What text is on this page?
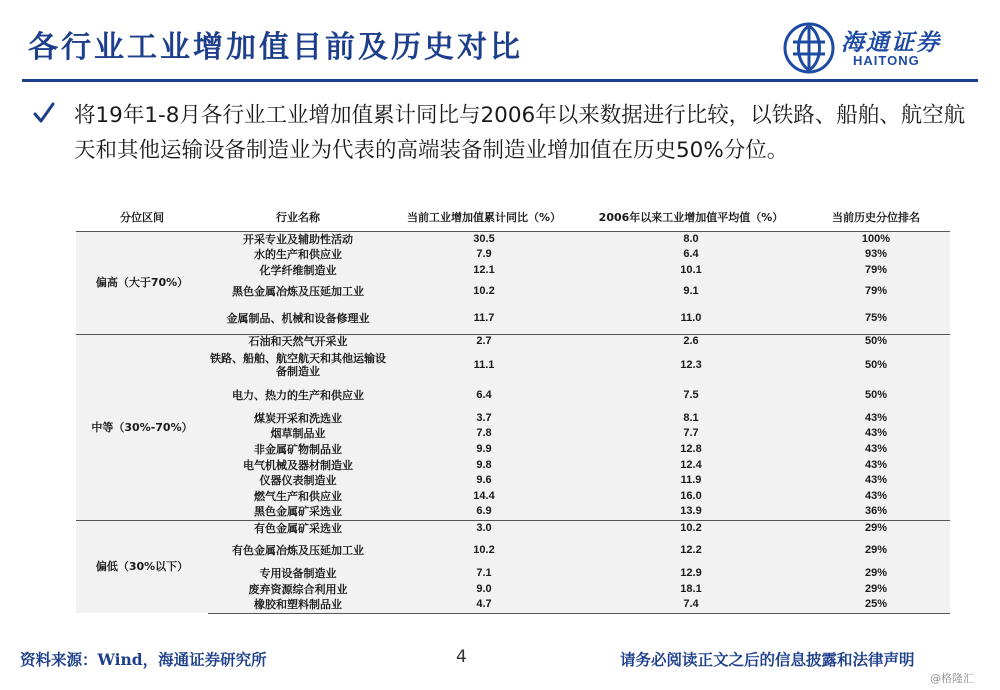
各行业工业增加值目前及历史对比	海通证券
HAITONG
将19年1-8月各行业工业增加值累计同比与2006年以来数据进行比较，以铁路、船舶、航空航天和其他运输设备制造业为代表的高端装备制造业增加值在历史50%分位。
分位区间	行业名称	当前工业增加值累计同比（%）	2006年以来工业增加值平均值（%）	当前历史分位排名
偏高（大于70%）	开采专业及辅助性活动	30.5	8.0	100%
	水的生产和供应业	7.9	6.4	93%
	化学纤维制造业	12.1	10.1	79%
	黑色金属冶炼及压延加工业	10.2	9.1	79%
	金属制品、机械和设备修理业	11.7	11.0	75%
中等（30%-70%）	石油和天然气开采业	2.7	2.6	50%
	铁路、船舶、航空航天和其他运输设备制造业	11.1	12.3	50%
	电力、热力的生产和供应业	6.4	7.5	50%
	煤炭开采和洗选业	3.7	8.1	43%
	烟草制品业	7.8	7.7	43%
	非金属矿物制品业	9.9	12.8	43%
	电气机械及器材制造业	9.8	12.4	43%
	仪器仪表制造业	9.6	11.9	43%
	燃气生产和供应业	14.4	16.0	43%
	黑色金属矿采选业	6.9	13.9	36%
偏低（30%以下）	有色金属矿采选业	3.0	10.2	29%
	有色金属冶炼及压延加工业	10.2	12.2	29%
	专用设备制造业	7.1	12.9	29%
	废弃资源综合利用业	9.0	18.1	29%
	橡胶和塑料制品业	4.7	7.4	25%
资料来源：Wind，海通证券研究所	4	请务必阅读正文之后的信息披露和法律声明
@格隆汇
